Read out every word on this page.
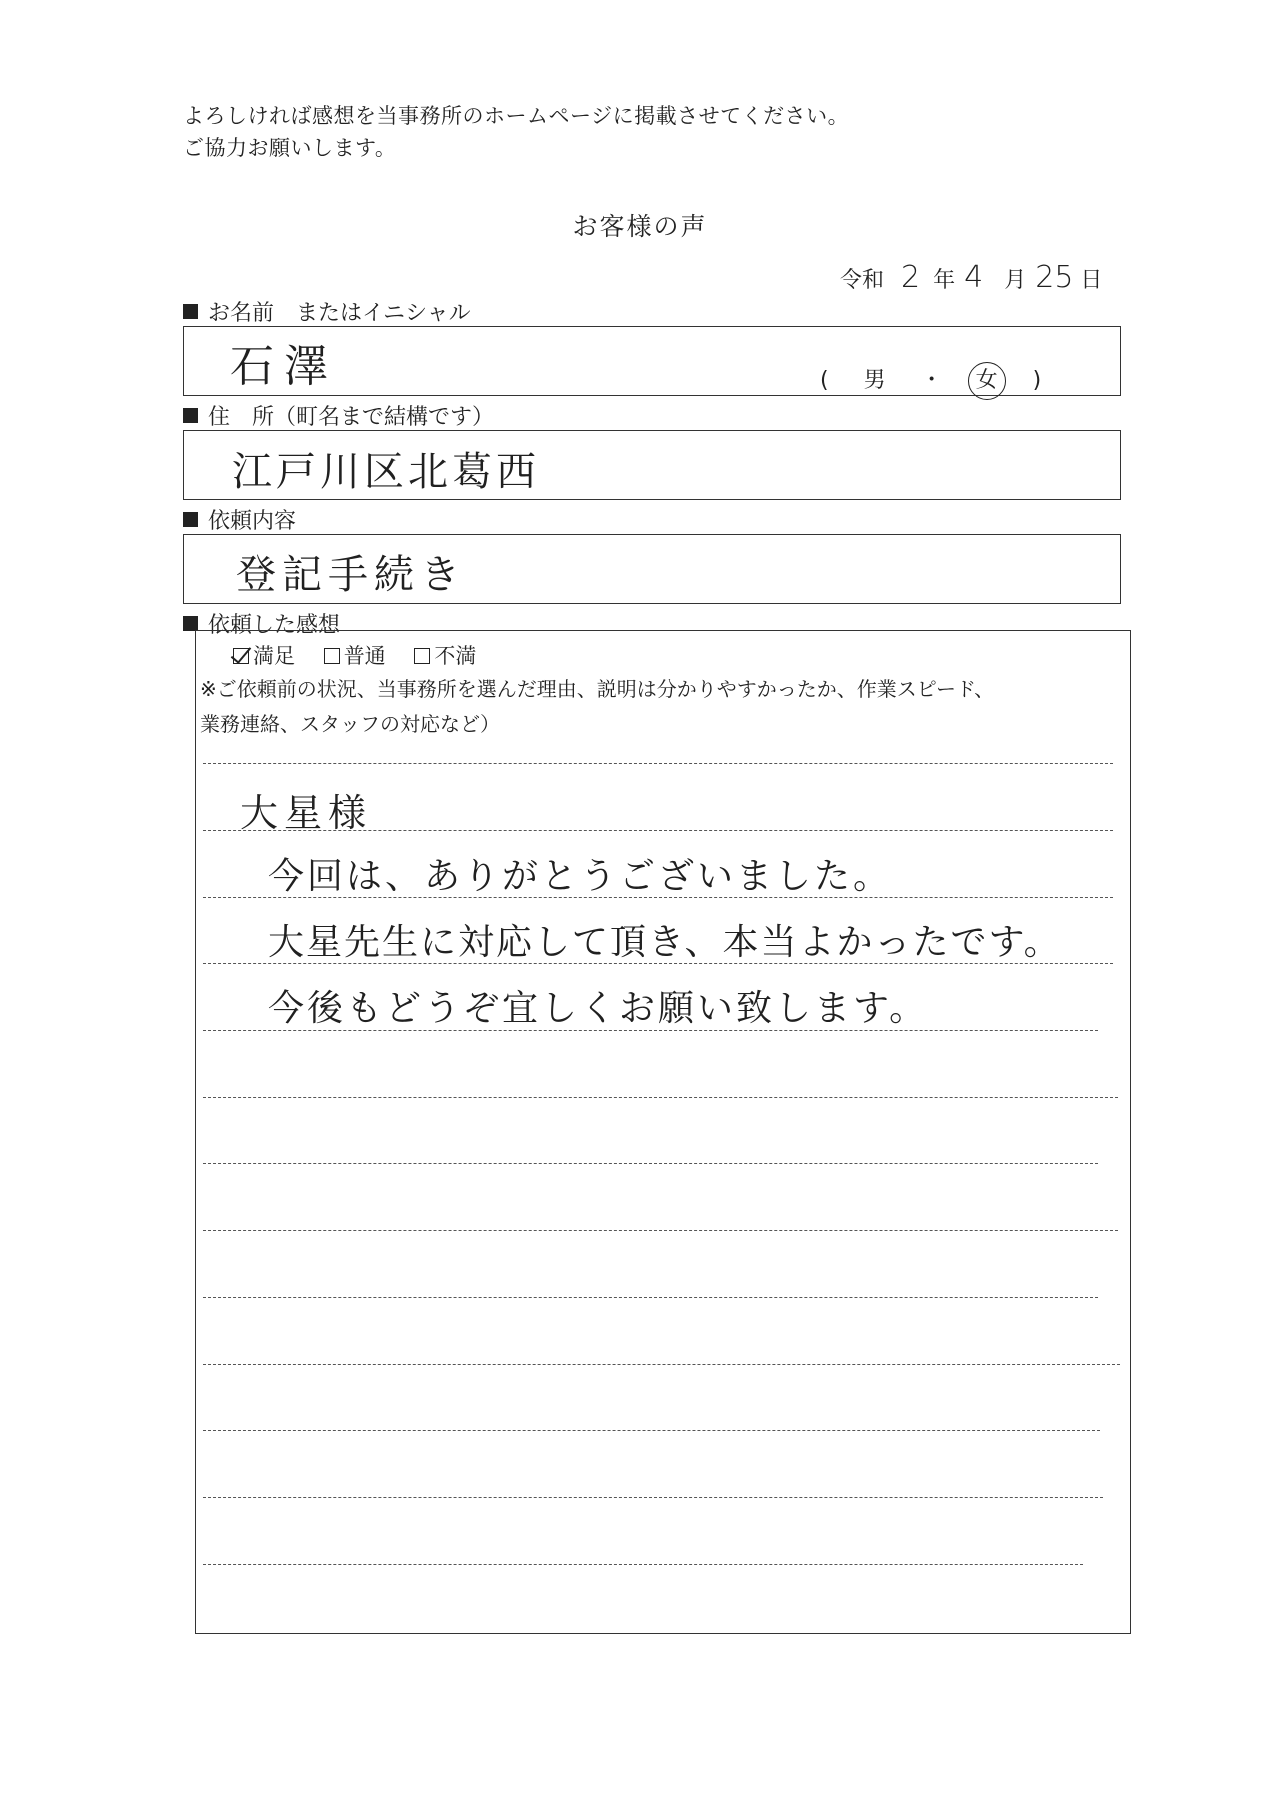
よろしければ感想を当事務所のホームページに掲載させてください。
ご協力お願いします。
お客様の声
令和 2 年 4 月 25 日
お名前　またはイニシャル
石澤	( 男 ・ 女 )
住　所（町名まで結構です）
江戸川区北葛西
依頼内容
登記手続き
依頼した感想
満足 普通 不満
※ご依頼前の状況、当事務所を選んだ理由、説明は分かりやすかったか、作業スピード、
業務連絡、スタッフの対応など）
大星様
今回は、ありがとうございました。
大星先生に対応して頂き、本当よかったです。
今後もどうぞ宜しくお願い致します。
